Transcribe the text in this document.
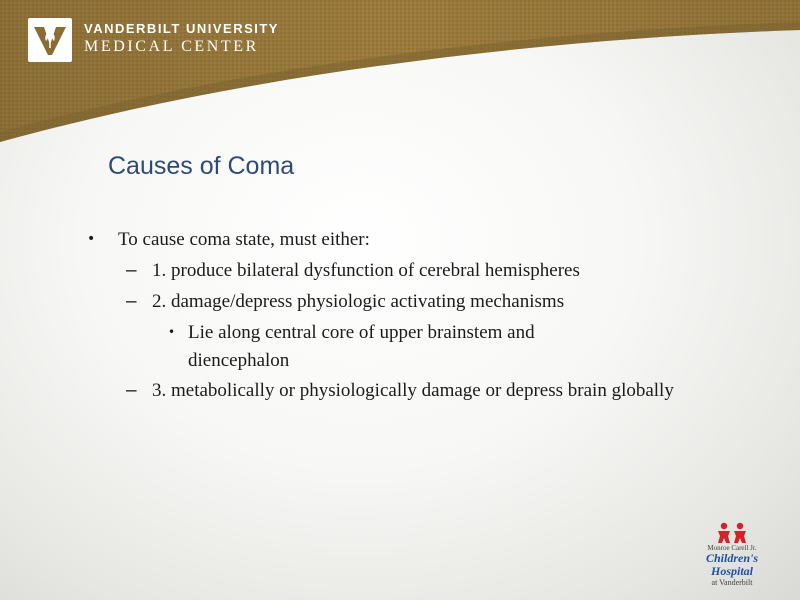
VANDERBILT UNIVERSITY
MEDICAL CENTER
Causes of Coma
• To cause coma state, must either:
– 1. produce bilateral dysfunction of cerebral hemispheres
– 2. damage/depress physiologic activating mechanisms
• Lie along central core of upper brainstem and diencephalon
– 3. metabolically or physiologically damage or depress brain globally
Monroe Carell Jr.
Children's Hospital
at Vanderbilt
